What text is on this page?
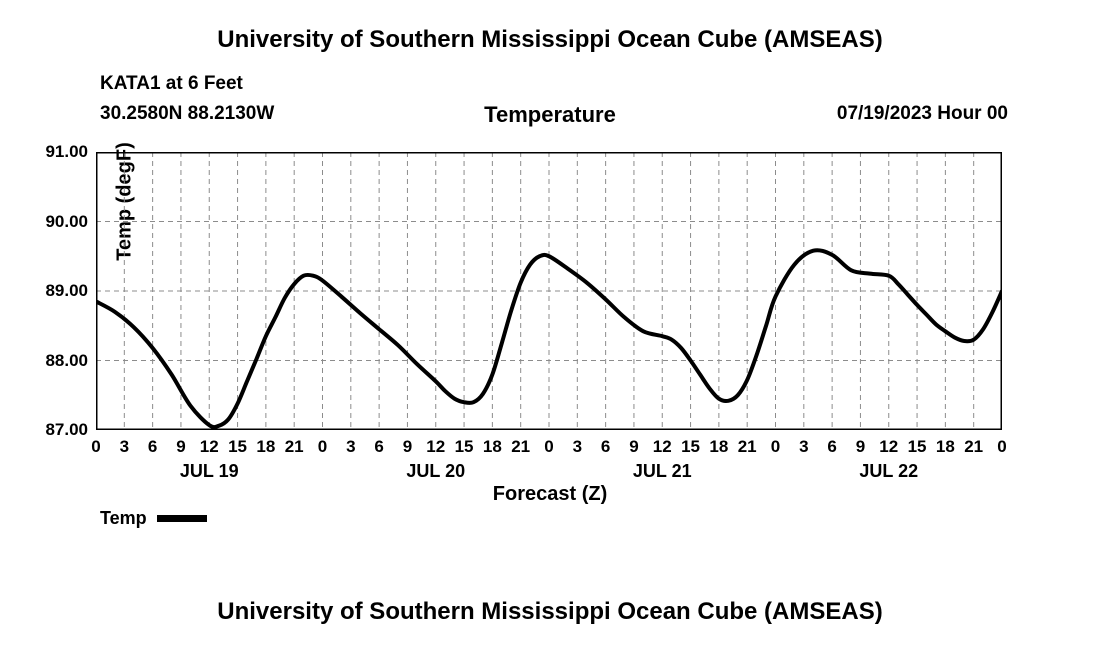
University of Southern Mississippi Ocean Cube (AMSEAS)
KATA1 at 6 Feet
30.2580N 88.2130W	Temperature	07/19/2023 Hour 00
Temp (degF)
87.00
88.00
89.00
90.00
91.00
0	3	6	9 12 15 18 21 0	3	6	9 12 15 18 21 0	3	6	9 12 15 18 21 0	3	6	9 12 15 18 21 0
JUL 19	JUL 20	JUL 21	JUL 22
Forecast (Z)
Temp
University of Southern Mississippi Ocean Cube (AMSEAS)
